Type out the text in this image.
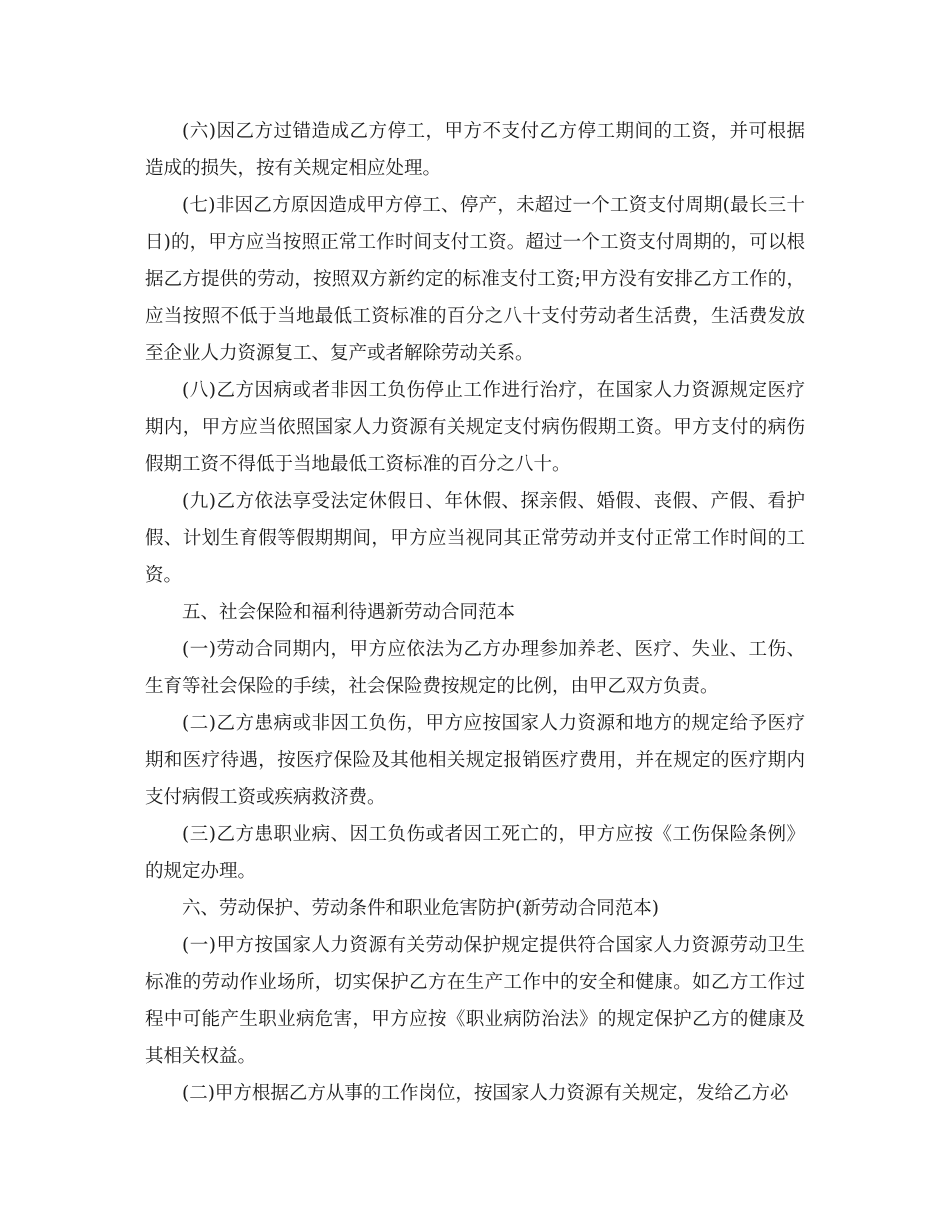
(六)因乙方过错造成乙方停工，甲方不支付乙方停工期间的工资，并可根据造成的损失，按有关规定相应处理。

(七)非因乙方原因造成甲方停工、停产，未超过一个工资支付周期(最长三十日)的，甲方应当按照正常工作时间支付工资。超过一个工资支付周期的，可以根据乙方提供的劳动，按照双方新约定的标准支付工资;甲方没有安排乙方工作的，应当按照不低于当地最低工资标准的百分之八十支付劳动者生活费，生活费发放至企业人力资源复工、复产或者解除劳动关系。

(八)乙方因病或者非因工负伤停止工作进行治疗，在国家人力资源规定医疗期内，甲方应当依照国家人力资源有关规定支付病伤假期工资。甲方支付的病伤假期工资不得低于当地最低工资标准的百分之八十。

(九)乙方依法享受法定休假日、年休假、探亲假、婚假、丧假、产假、看护假、计划生育假等假期期间，甲方应当视同其正常劳动并支付正常工作时间的工资。

五、社会保险和福利待遇新劳动合同范本

(一)劳动合同期内，甲方应依法为乙方办理参加养老、医疗、失业、工伤、生育等社会保险的手续，社会保险费按规定的比例，由甲乙双方负责。

(二)乙方患病或非因工负伤，甲方应按国家人力资源和地方的规定给予医疗期和医疗待遇，按医疗保险及其他相关规定报销医疗费用，并在规定的医疗期内支付病假工资或疾病救济费。

(三)乙方患职业病、因工负伤或者因工死亡的，甲方应按《工伤保险条例》的规定办理。

六、劳动保护、劳动条件和职业危害防护(新劳动合同范本)

(一)甲方按国家人力资源有关劳动保护规定提供符合国家人力资源劳动卫生标准的劳动作业场所，切实保护乙方在生产工作中的安全和健康。如乙方工作过程中可能产生职业病危害，甲方应按《职业病防治法》的规定保护乙方的健康及其相关权益。

(二)甲方根据乙方从事的工作岗位，按国家人力资源有关规定，发给乙方必
